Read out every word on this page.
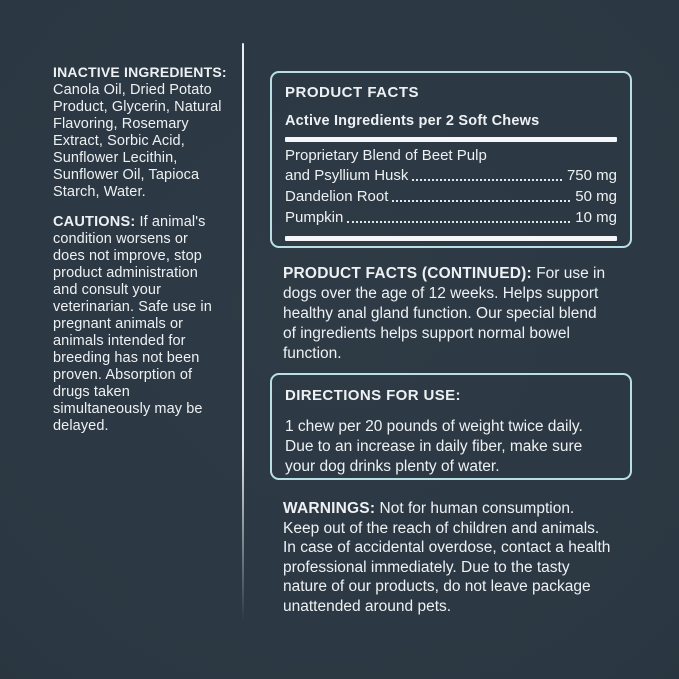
INACTIVE INGREDIENTS:
Canola Oil, Dried Potato
Product, Glycerin, Natural
Flavoring, Rosemary
Extract, Sorbic Acid,
Sunflower Lecithin,
Sunflower Oil, Tapioca
Starch, Water.
CAUTIONS: If animal's
condition worsens or
does not improve, stop
product administration
and consult your
veterinarian. Safe use in
pregnant animals or
animals intended for
breeding has not been
proven. Absorption of
drugs taken
simultaneously may be
delayed.
PRODUCT FACTS
Active Ingredients per 2 Soft Chews
Proprietary Blend of Beet Pulp
and Psyllium Husk	750 mg
Dandelion Root	50 mg
Pumpkin	10 mg
PRODUCT FACTS (CONTINUED): For use in
dogs over the age of 12 weeks. Helps support
healthy anal gland function. Our special blend
of ingredients helps support normal bowel
function.
DIRECTIONS FOR USE:
1 chew per 20 pounds of weight twice daily.
Due to an increase in daily fiber, make sure
your dog drinks plenty of water.
WARNINGS: Not for human consumption.
Keep out of the reach of children and animals.
In case of accidental overdose, contact a health
professional immediately. Due to the tasty
nature of our products, do not leave package
unattended around pets.
